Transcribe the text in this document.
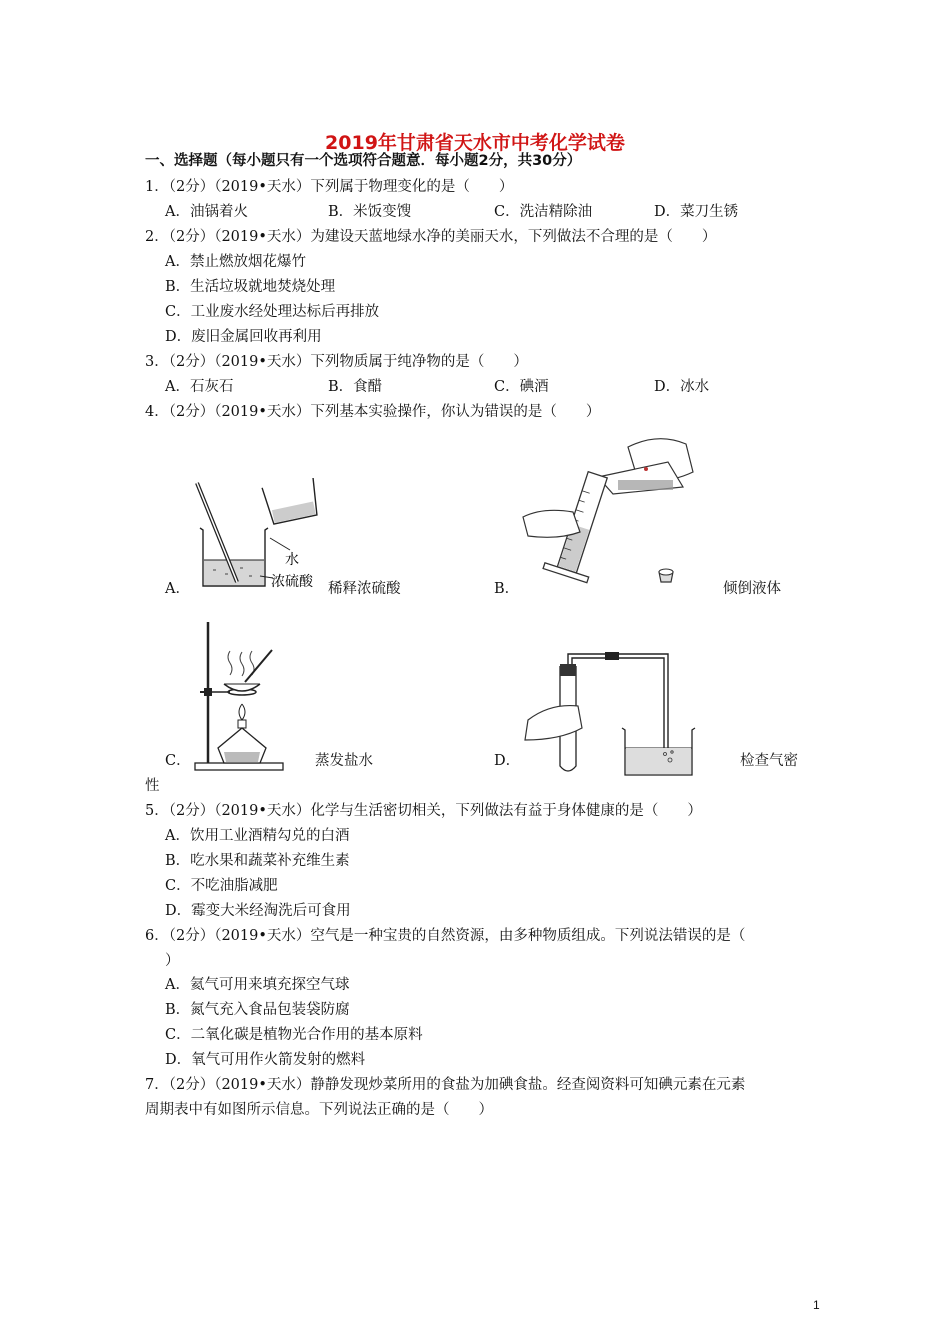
2019年甘肃省天水市中考化学试卷
一、选择题（每小题只有一个选项符合题意．每小题2分，共30分）
1．（2分）（2019•天水）下列属于物理变化的是（　　）
A．油锅着火	B．米饭变馊	C．洗洁精除油	D．菜刀生锈
2．（2分）（2019•天水）为建设天蓝地绿水净的美丽天水，下列做法不合理的是（　　）
A．禁止燃放烟花爆竹
B．生活垃圾就地焚烧处理
C．工业废水经处理达标后再排放
D．废旧金属回收再利用
3．（2分）（2019•天水）下列物质属于纯净物的是（　　）
A．石灰石	B．食醋	C．碘酒	D．冰水
4．（2分）（2019•天水）下列基本实验操作，你认为错误的是（　　）
水
浓硫酸
A．	稀释浓硫酸	B．	倾倒液体
C．	蒸发盐水	D．	检查气密
性
5．（2分）（2019•天水）化学与生活密切相关，下列做法有益于身体健康的是（　　）
A．饮用工业酒精勾兑的白酒
B．吃水果和蔬菜补充维生素
C．不吃油脂减肥
D．霉变大米经淘洗后可食用
6．（2分）（2019•天水）空气是一种宝贵的自然资源，由多种物质组成。下列说法错误的是（
）
A．氦气可用来填充探空气球
B．氮气充入食品包装袋防腐
C．二氧化碳是植物光合作用的基本原料
D．氧气可用作火箭发射的燃料
7．（2分）（2019•天水）静静发现炒菜所用的食盐为加碘食盐。经查阅资料可知碘元素在元素
周期表中有如图所示信息。下列说法正确的是（　　）
1
